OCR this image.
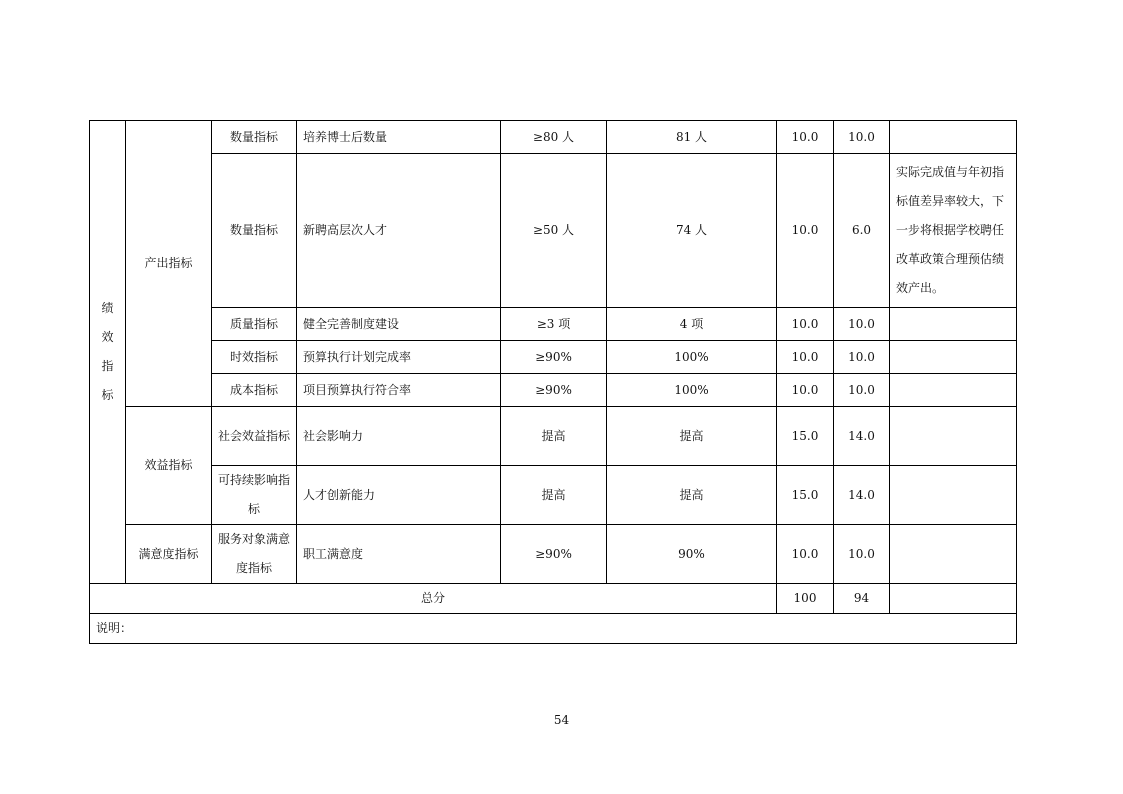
绩
效
指
标	产出指标	数量指标	培养博士后数量	≥80 人	81 人	10.0	10.0	
		数量指标	新聘高层次人才	≥50 人	74 人	10.0	6.0	实际完成值与年初指标值差异率较大，下一步将根据学校聘任改革政策合理预估绩效产出。
		质量指标	健全完善制度建设	≥3 项	4 项	10.0	10.0	
		时效指标	预算执行计划完成率	≥90%	100%	10.0	10.0	
		成本指标	项目预算执行符合率	≥90%	100%	10.0	10.0	
	效益指标	社会效益指标	社会影响力	提高	提高	15.0	14.0	
		可持续影响指标	人才创新能力	提高	提高	15.0	14.0	
	满意度指标	服务对象满意度指标	职工满意度	≥90%	90%	10.0	10.0	
总分						100	94	
说明：								
54
